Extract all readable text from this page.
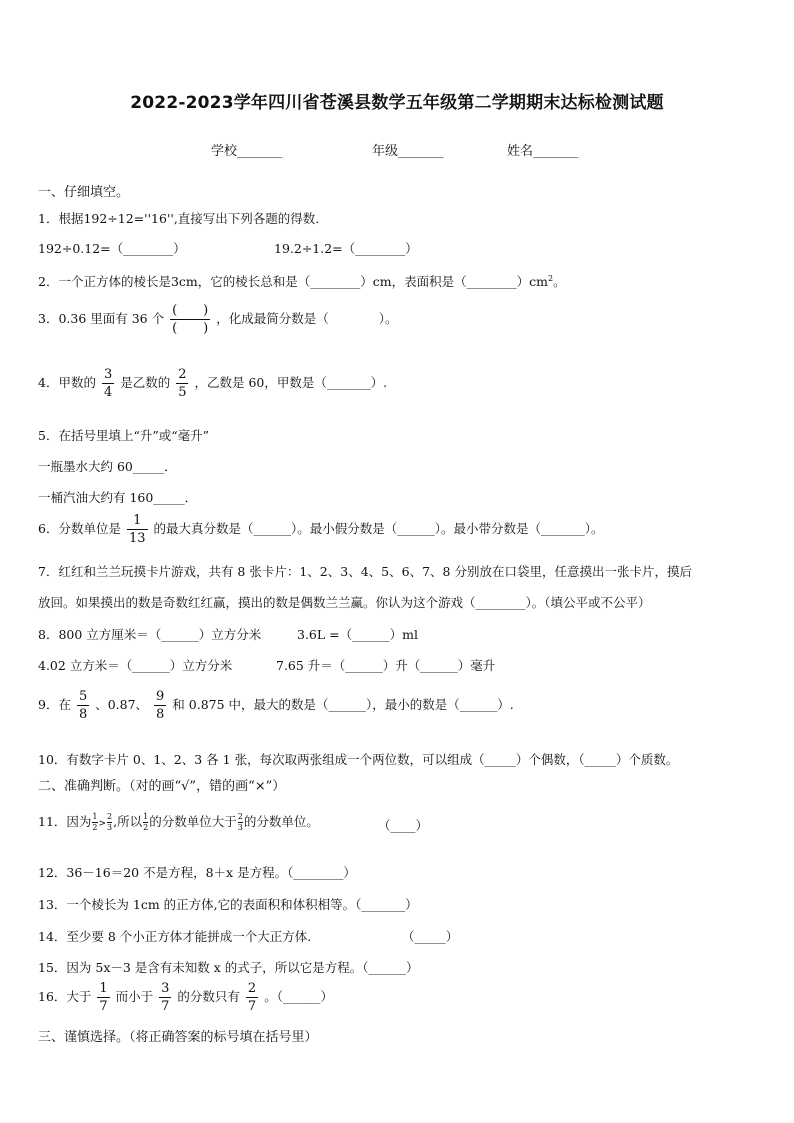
2022-2023学年四川省苍溪县数学五年级第二学期期末达标检测试题
学校_______	年级_______	姓名_______
一、仔细填空。
1．根据192÷12=''16'',直接写出下列各题的得数.
192÷0.12=（________）	19.2÷1.2=（________）
2．一个正方体的棱长是3cm，它的棱长总和是（________）cm，表面积是$(\_\_\_\_\_\_\_\_)cm^2$。
3．0.36 里面有 36 个 $\frac{( )}{( )}$ ，化成最简分数是（　　　　）。
4．甲数的 $\frac{3}{4}$ 是乙数的 $\frac{2}{5}$ ，乙数是 60，甲数是（_______）.
5．在括号里填上“升”或“毫升”
一瓶墨水大约 60_____．
一桶汽油大约有 160_____．
6．分数单位是 $\frac{1}{13}$ 的最大真分数是（______）。最小假分数是（______）。最小带分数是（_______）。
7．红红和兰兰玩摸卡片游戏，共有 8 张卡片：1、2、3、4、5、6、7、8 分别放在口袋里，任意摸出一张卡片，摸后
放回。如果摸出的数是奇数红红赢，摸出的数是偶数兰兰赢。你认为这个游戏（________）。（填公平或不公平）
8．800 立方厘米＝（______）立方分米	3.6L =（______）ml
4.02 立方米＝（______）立方分米	7.65 升＝（______）升（______）毫升
9．在 $\frac{5}{8}$ 、0.87、 $\frac{9}{8}$ 和 0.875 中，最大的数是（______），最小的数是（______）.
10．有数字卡片 0、1、2、3 各 1 张，每次取两张组成一个两位数，可以组成（_____）个偶数，（_____）个质数。
二、准确判断。（对的画“√”，错的画“×”）
11．因为$\frac{1}{2}>\frac{2}{3}$,所以$\frac{1}{2}$的分数单位大于$\frac{2}{3}$的分数单位。	（____）
12．36－16＝20 不是方程，8＋x 是方程。（________）
13．一个棱长为 1cm 的正方体,它的表面积和体积相等。（_______）
14．至少要 8 个小正方体才能拼成一个大正方体.	（_____）
15．因为 5x－3 是含有未知数 x 的式子，所以它是方程。（______）
16．大于 $\frac{1}{7}$ 而小于 $\frac{3}{7}$ 的分数只有 $\frac{2}{7}$ 。（______）
三、谨慎选择。（将正确答案的标号填在括号里）
